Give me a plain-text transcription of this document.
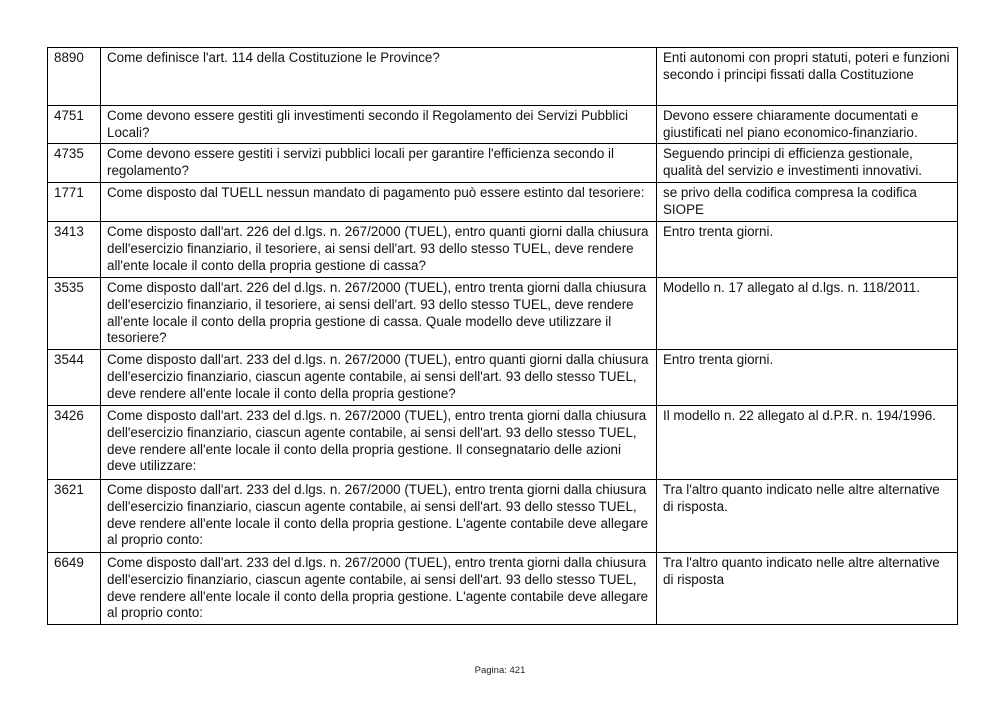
8890	Come definisce l'art. 114 della Costituzione le Province?	Enti autonomi con propri statuti, poteri e funzioni secondo i principi fissati dalla Costituzione
4751	Come devono essere gestiti gli investimenti secondo il Regolamento dei Servizi Pubblici Locali?	Devono essere chiaramente documentati e giustificati nel piano economico-finanziario.
4735	Come devono essere gestiti i servizi pubblici locali per garantire l'efficienza secondo il regolamento?	Seguendo principi di efficienza gestionale, qualità del servizio e investimenti innovativi.
1771	Come disposto dal TUELL nessun mandato di pagamento può essere estinto dal tesoriere:	se privo della codifica compresa la codifica SIOPE
3413	Come disposto dall'art. 226 del d.lgs. n. 267/2000 (TUEL), entro quanti giorni dalla chiusura dell'esercizio finanziario, il tesoriere, ai sensi dell'art. 93 dello stesso TUEL, deve rendere all'ente locale il conto della propria gestione di cassa?	Entro trenta giorni.
3535	Come disposto dall'art. 226 del d.lgs. n. 267/2000 (TUEL), entro trenta giorni dalla chiusura dell'esercizio finanziario, il tesoriere, ai sensi dell'art. 93 dello stesso TUEL, deve rendere all'ente locale il conto della propria gestione di cassa. Quale modello deve utilizzare il tesoriere?	Modello n. 17 allegato al d.lgs. n. 118/2011.
3544	Come disposto dall'art. 233 del d.lgs. n. 267/2000 (TUEL), entro quanti giorni dalla chiusura dell'esercizio finanziario, ciascun agente contabile, ai sensi dell'art. 93 dello stesso TUEL, deve rendere all'ente locale il conto della propria gestione?	Entro trenta giorni.
3426	Come disposto dall'art. 233 del d.lgs. n. 267/2000 (TUEL), entro trenta giorni dalla chiusura dell'esercizio finanziario, ciascun agente contabile, ai sensi dell'art. 93 dello stesso TUEL, deve rendere all'ente locale il conto della propria gestione. Il consegnatario delle azioni deve utilizzare:	Il modello n. 22 allegato al d.P.R. n. 194/1996.
3621	Come disposto dall'art. 233 del d.lgs. n. 267/2000 (TUEL), entro trenta giorni dalla chiusura dell'esercizio finanziario, ciascun agente contabile, ai sensi dell'art. 93 dello stesso TUEL, deve rendere all'ente locale il conto della propria gestione. L'agente contabile deve allegare al proprio conto:	Tra l'altro quanto indicato nelle altre alternative di risposta.
6649	Come disposto dall'art. 233 del d.lgs. n. 267/2000 (TUEL), entro trenta giorni dalla chiusura dell'esercizio finanziario, ciascun agente contabile, ai sensi dell'art. 93 dello stesso TUEL, deve rendere all'ente locale il conto della propria gestione. L'agente contabile deve allegare al proprio conto:	Tra l'altro quanto indicato nelle altre alternative di risposta
Pagina: 421
